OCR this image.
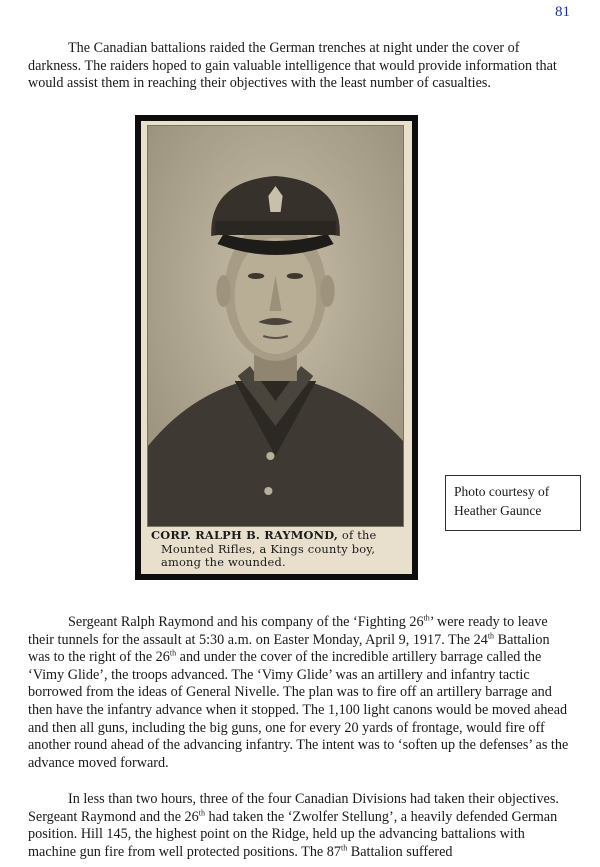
81

The Canadian battalions raided the German trenches at night under the cover of darkness. The raiders hoped to gain valuable intelligence that would provide information that would assist them in reaching their objectives with the least number of casualties.

CORP. RALPH B. RAYMOND, of the
Mounted Rifles, a Kings county boy,
among the wounded.
Photo courtesy of
Heather Gaunce

Sergeant Ralph Raymond and his company of the ‘Fighting 26th’ were ready to leave their tunnels for the assault at 5:30 a.m. on Easter Monday, April 9, 1917. The 24th Battalion was to the right of the 26th and under the cover of the incredible artillery barrage called the ‘Vimy Glide’, the troops advanced. The ‘Vimy Glide’ was an artillery and infantry tactic borrowed from the ideas of General Nivelle. The plan was to fire off an artillery barrage and then have the infantry advance when it stopped. The 1,100 light canons would be moved ahead and then all guns, including the big guns, one for every 20 yards of frontage, would fire off another round ahead of the advancing infantry. The intent was to ‘soften up the defenses’ as the advance moved forward.

In less than two hours, three of the four Canadian Divisions had taken their objectives. Sergeant Raymond and the 26th had taken the ‘Zwolfer Stellung’, a heavily defended German position. Hill 145, the highest point on the Ridge, held up the advancing battalions with machine gun fire from well protected positions. The 87th Battalion suffered
